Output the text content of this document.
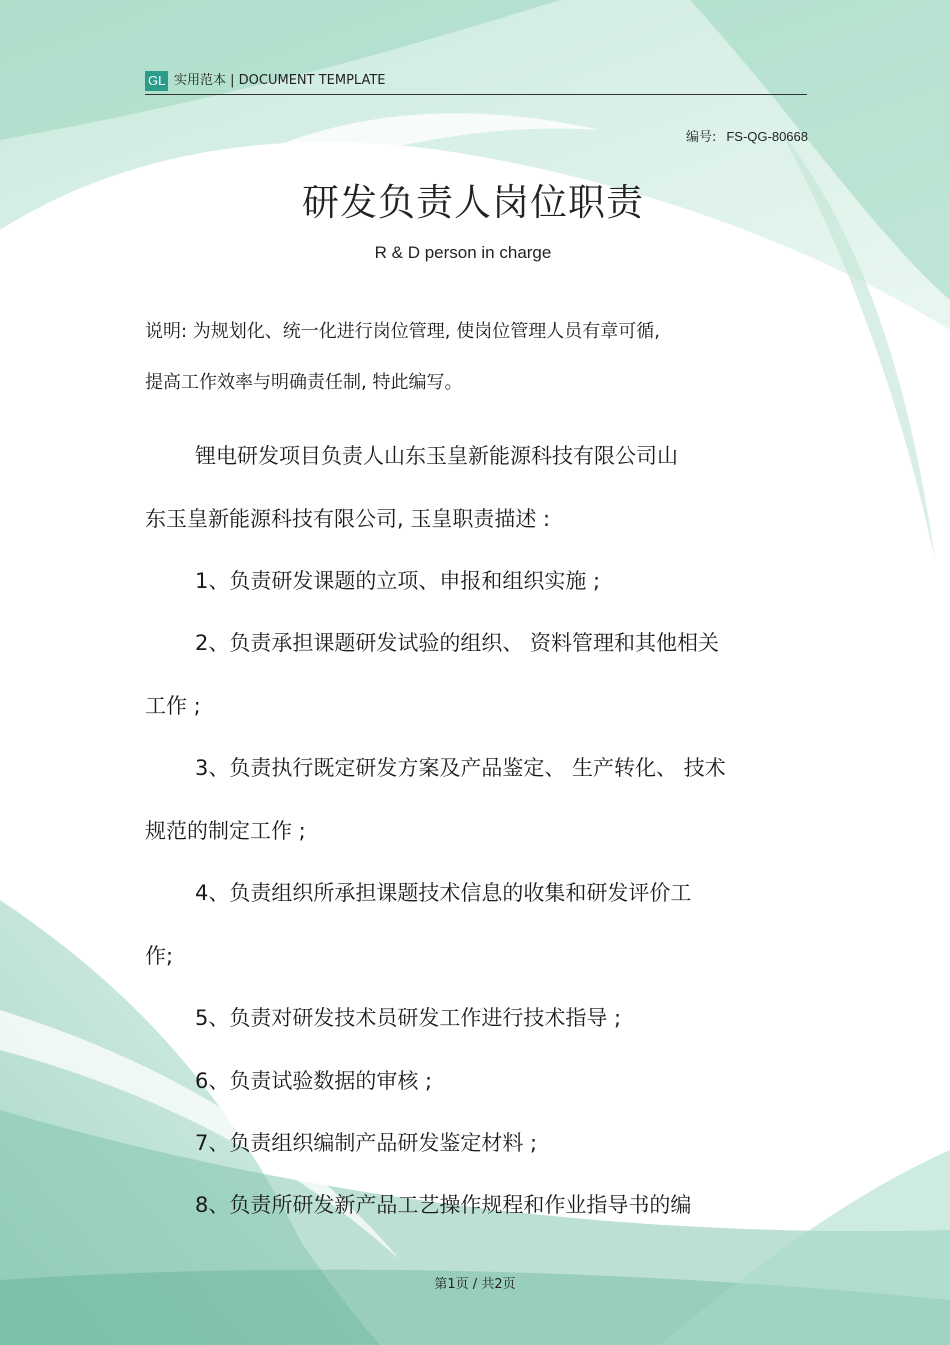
GL 实用范本 | DOCUMENT TEMPLATE
编号: FS-QG-80668
研发负责人岗位职责
R & D person in charge
说明: 为规划化、统一化进行岗位管理, 使岗位管理人员有章可循,
提高工作效率与明确责任制, 特此编写。
锂电研发项目负责人山东玉皇新能源科技有限公司山
东玉皇新能源科技有限公司, 玉皇职责描述 :
1、负责研发课题的立项、申报和组织实施 ;
2、负责承担课题研发试验的组织、 资料管理和其他相关
工作 ;
3、负责执行既定研发方案及产品鉴定、 生产转化、 技术
规范的制定工作 ;
4、负责组织所承担课题技术信息的收集和研发评价工
作;
5、负责对研发技术员研发工作进行技术指导 ;
6、负责试验数据的审核 ;
7、负责组织编制产品研发鉴定材料 ;
8、负责所研发新产品工艺操作规程和作业指导书的编
第1页 / 共2页
